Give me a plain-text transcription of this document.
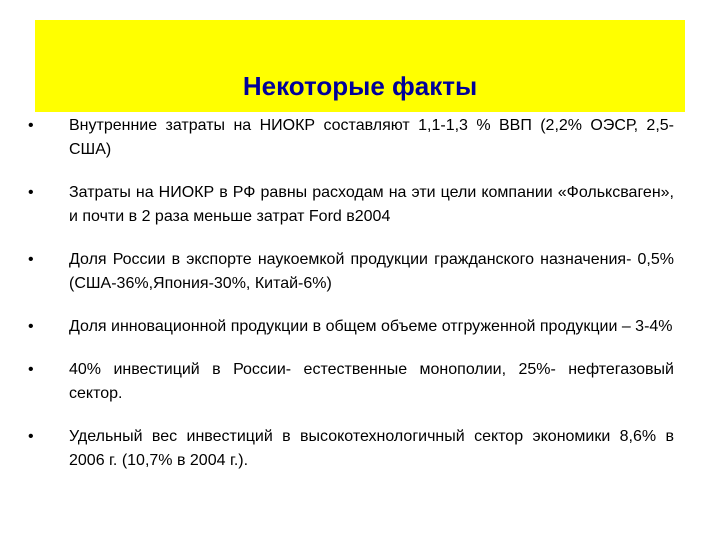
Некоторые факты
•	Внутренние затраты на НИОКР составляют 1,1-1,3 % ВВП (2,2% ОЭСР, 2,5-США)
•	Затраты на НИОКР в РФ равны расходам на эти цели компании «Фольксваген», и почти в 2 раза меньше затрат Ford в2004
•	Доля России в экспорте наукоемкой продукции гражданского назначения- 0,5% (США-36%,Япония-30%, Китай-6%)
•	Доля инновационной продукции в общем объеме отгруженной продукции – 3-4%
•	40% инвестиций в России- естественные монополии, 25%- нефтегазовый сектор.
•	Удельный вес инвестиций в высокотехнологичный сектор экономики 8,6% в 2006 г. (10,7% в 2004 г.).
